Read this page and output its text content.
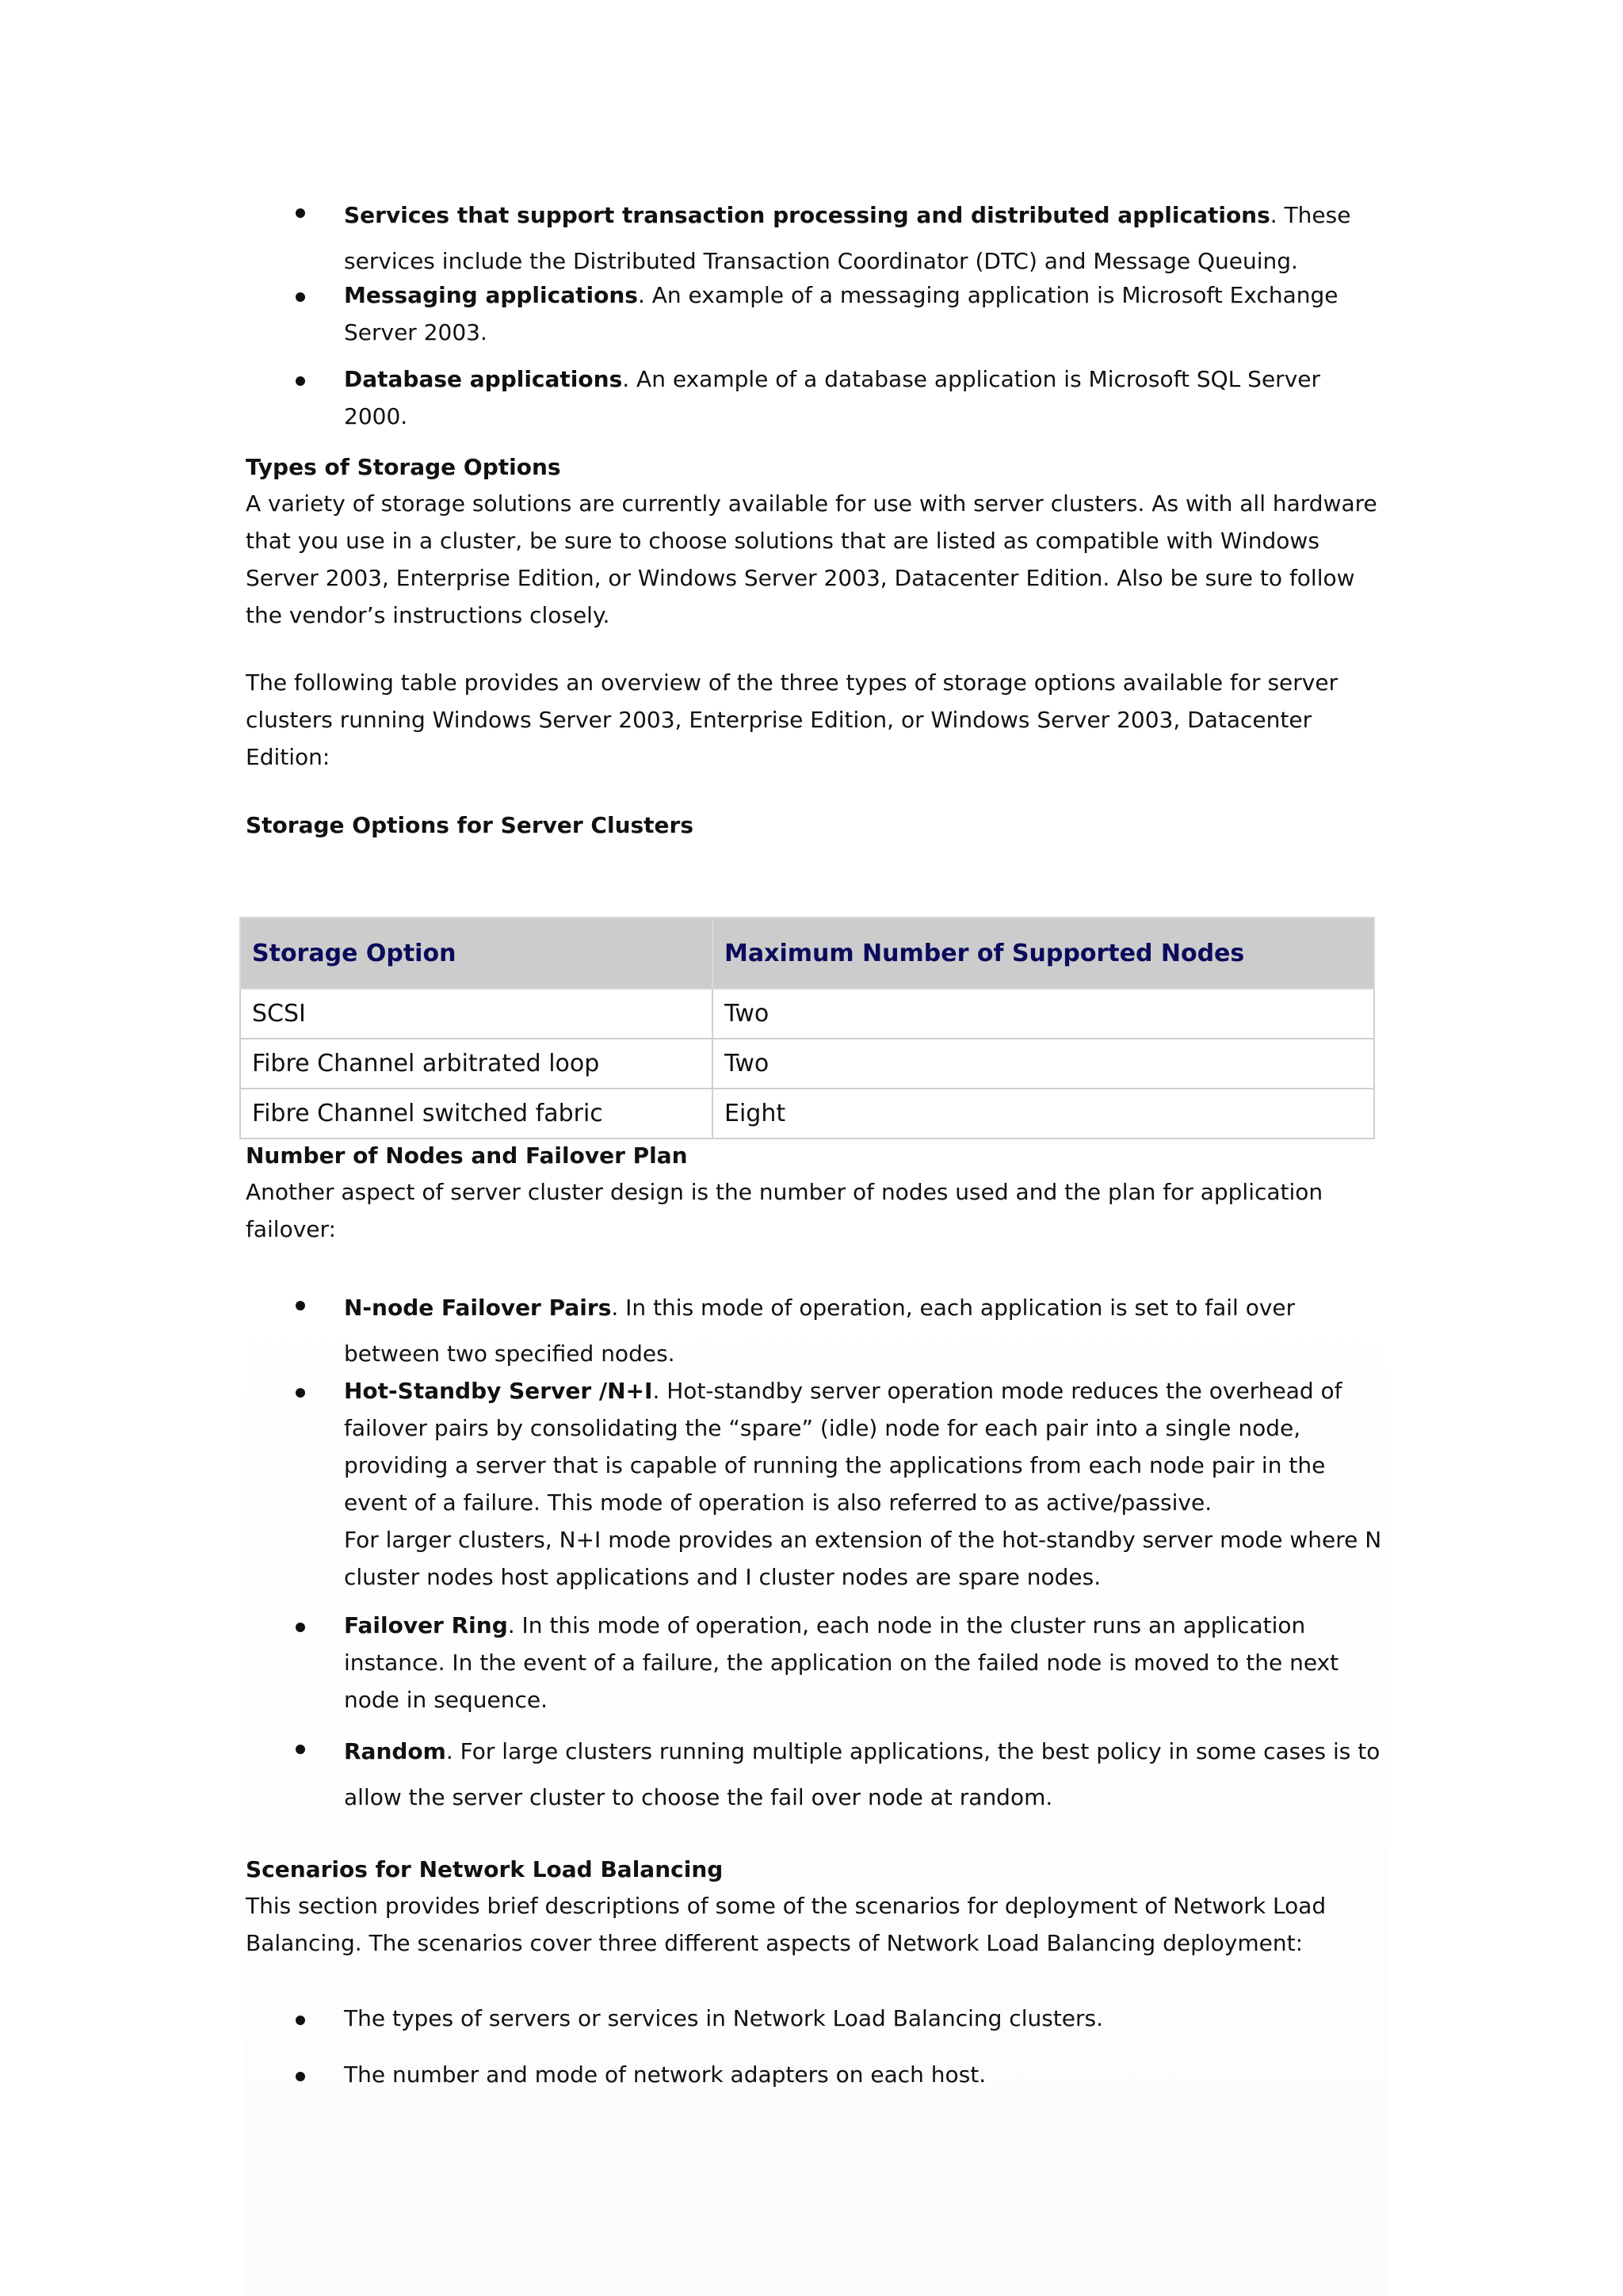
Services that support transaction processing and distributed applications. These services include the Distributed Transaction Coordinator (DTC) and Message Queuing.
Messaging applications. An example of a messaging application is Microsoft Exchange Server 2003.
Database applications. An example of a database application is Microsoft SQL Server 2000.
Types of Storage Options

A variety of storage solutions are currently available for use with server clusters. As with all hardware that you use in a cluster, be sure to choose solutions that are listed as compatible with Windows Server 2003, Enterprise Edition, or Windows Server 2003, Datacenter Edition. Also be sure to follow the vendor’s instructions closely.

The following table provides an overview of the three types of storage options available for server clusters running Windows Server 2003, Enterprise Edition, or Windows Server 2003, Datacenter Edition:

Storage Options for Server Clusters
Storage Option	Maximum Number of Supported Nodes
SCSI	Two
Fibre Channel arbitrated loop	Two
Fibre Channel switched fabric	Eight
Number of Nodes and Failover Plan

Another aspect of server cluster design is the number of nodes used and the plan for application failover:

N-node Failover Pairs. In this mode of operation, each application is set to fail over between two specified nodes.
Hot-Standby Server /N+I. Hot-standby server operation mode reduces the overhead of failover pairs by consolidating the “spare” (idle) node for each pair into a single node, providing a server that is capable of running the applications from each node pair in the event of a failure. This mode of operation is also referred to as active/passive.
For larger clusters, N+I mode provides an extension of the hot-standby server mode where N cluster nodes host applications and I cluster nodes are spare nodes.
Failover Ring. In this mode of operation, each node in the cluster runs an application instance. In the event of a failure, the application on the failed node is moved to the next node in sequence.
Random. For large clusters running multiple applications, the best policy in some cases is to allow the server cluster to choose the fail over node at random.
Scenarios for Network Load Balancing

This section provides brief descriptions of some of the scenarios for deployment of Network Load Balancing. The scenarios cover three different aspects of Network Load Balancing deployment:

The types of servers or services in Network Load Balancing clusters.
The number and mode of network adapters on each host.
